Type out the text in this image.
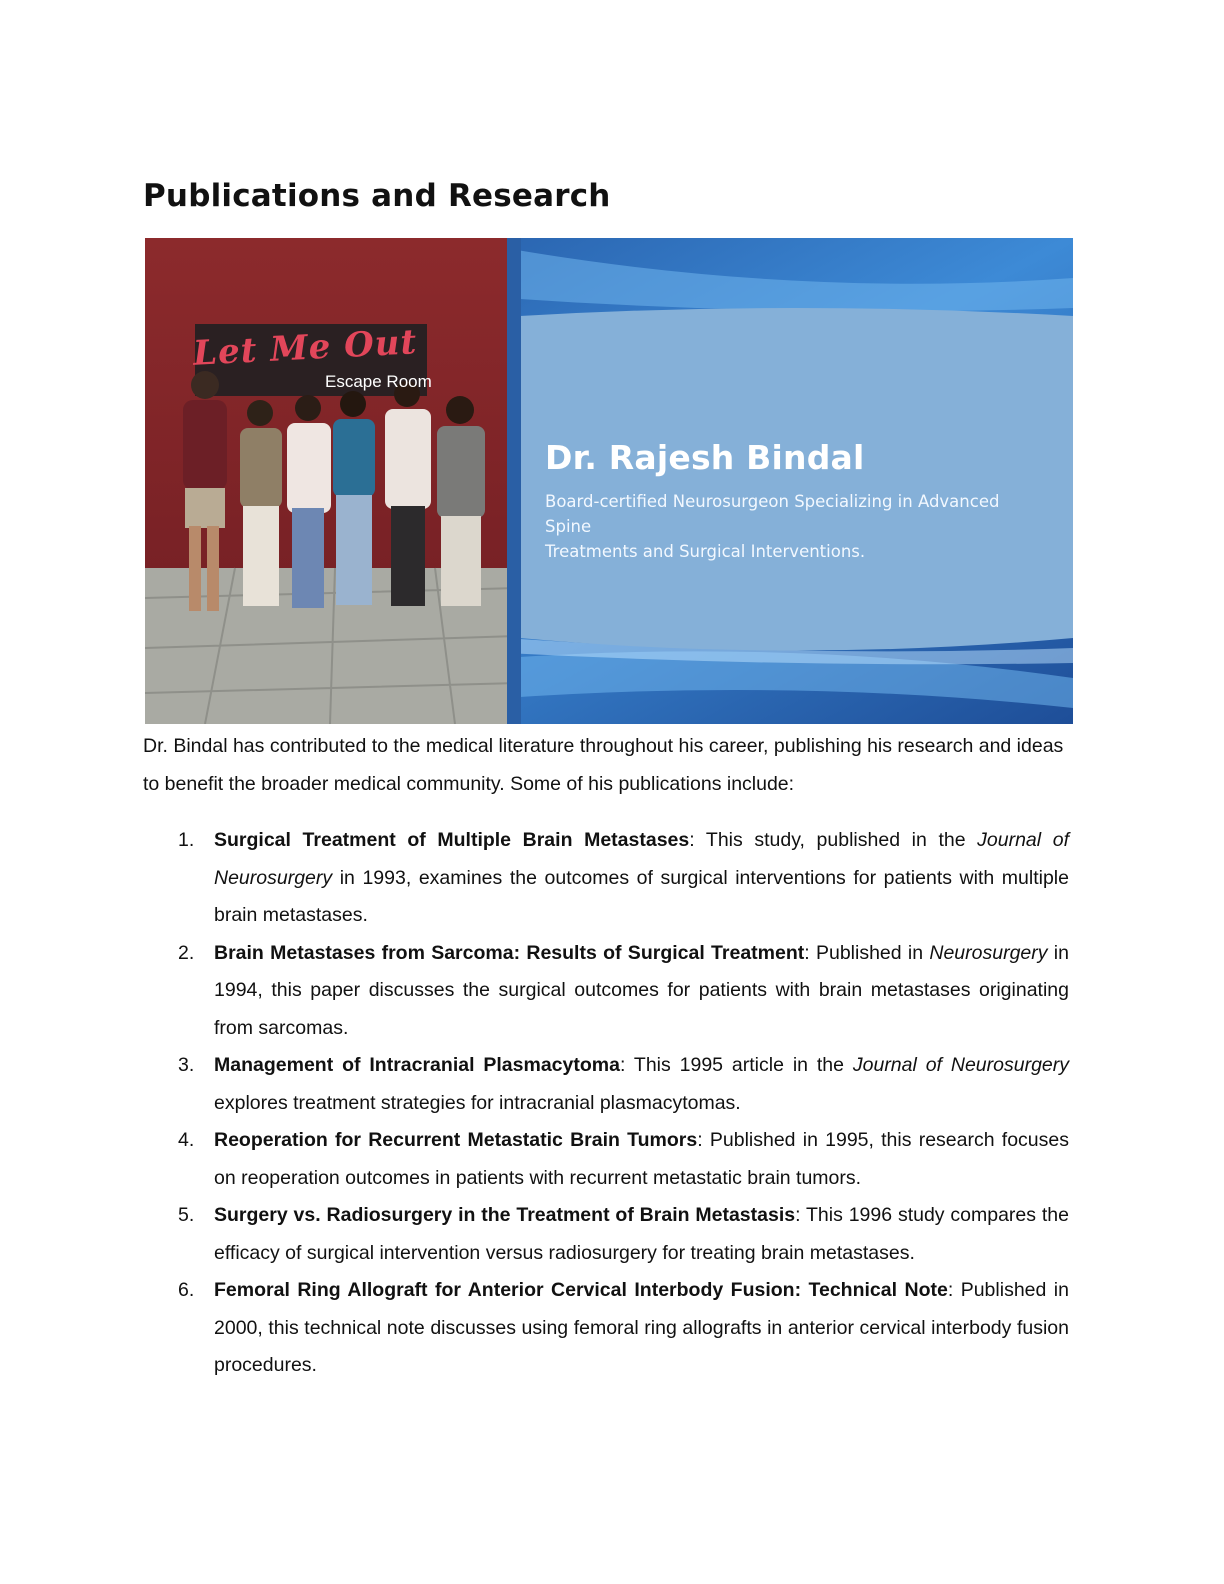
Publications and Research
Let Me Out
Escape Room

Dr. Rajesh Bindal

Board-certified Neurosurgeon Specializing in Advanced Spine
Treatments and Surgical Interventions.

Dr. Bindal has contributed to the medical literature throughout his career, publishing his research and ideas to benefit the broader medical community. Some of his publications include:

1. Surgical Treatment of Multiple Brain Metastases: This study, published in the Journal of Neurosurgery in 1993, examines the outcomes of surgical interventions for patients with multiple brain metastases.
2. Brain Metastases from Sarcoma: Results of Surgical Treatment: Published in Neurosurgery in 1994, this paper discusses the surgical outcomes for patients with brain metastases originating from sarcomas.
3. Management of Intracranial Plasmacytoma: This 1995 article in the Journal of Neurosurgery explores treatment strategies for intracranial plasmacytomas.
4. Reoperation for Recurrent Metastatic Brain Tumors: Published in 1995, this research focuses on reoperation outcomes in patients with recurrent metastatic brain tumors.
5. Surgery vs. Radiosurgery in the Treatment of Brain Metastasis: This 1996 study compares the efficacy of surgical intervention versus radiosurgery for treating brain metastases.
6. Femoral Ring Allograft for Anterior Cervical Interbody Fusion: Technical Note: Published in 2000, this technical note discusses using femoral ring allografts in anterior cervical interbody fusion procedures.
